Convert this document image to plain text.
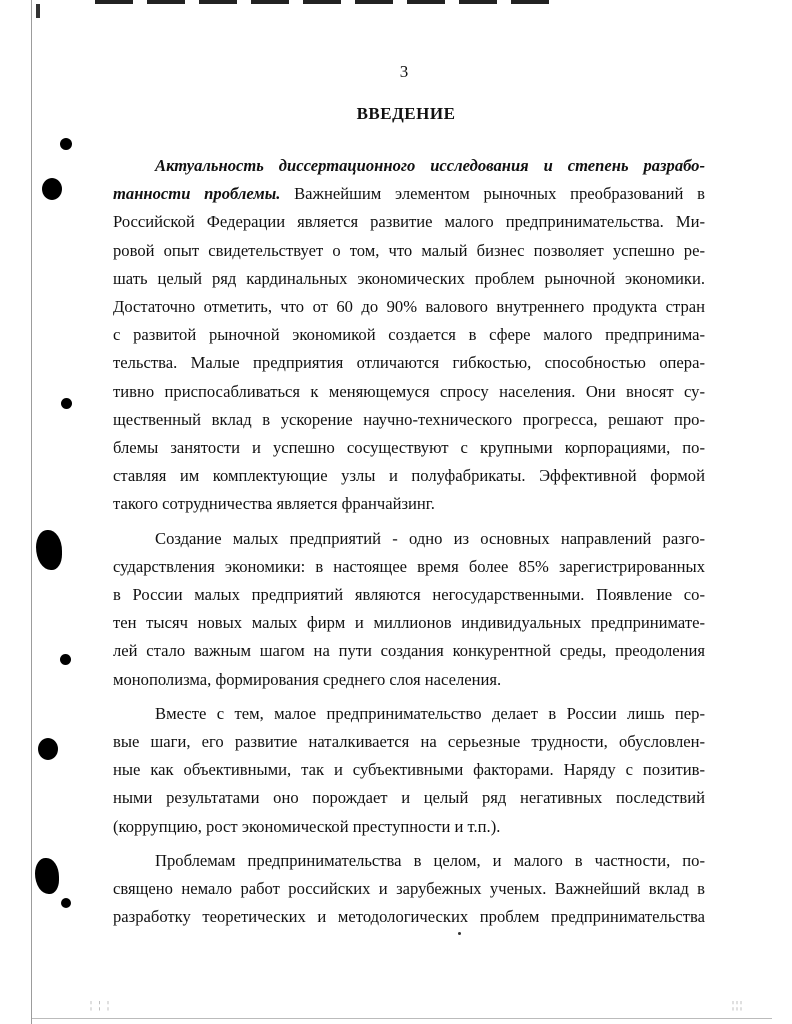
3
ВВЕДЕНИЕ
Актуальность диссертационного исследования и степень разрабо-
танности проблемы. Важнейшим элементом рыночных преобразований в
Российской Федерации является развитие малого предпринимательства. Ми-
ровой опыт свидетельствует о том, что малый бизнес позволяет успешно ре-
шать целый ряд кардинальных экономических проблем рыночной экономики.
Достаточно отметить, что от 60 до 90% валового внутреннего продукта стран
с развитой рыночной экономикой создается в сфере малого предпринима-
тельства. Малые предприятия отличаются гибкостью, способностью опера-
тивно приспосабливаться к меняющемуся спросу населения. Они вносят су-
щественный вклад в ускорение научно-технического прогресса, решают про-
блемы занятости и успешно сосуществуют с крупными корпорациями, по-
ставляя им комплектующие узлы и полуфабрикаты. Эффективной формой
такого сотрудничества является франчайзинг.
Создание малых предприятий - одно из основных направлений разго-
сударствления экономики: в настоящее время более 85% зарегистрированных
в России малых предприятий являются негосударственными. Появление со-
тен тысяч новых малых фирм и миллионов индивидуальных предпринимате-
лей стало важным шагом на пути создания конкурентной среды, преодоления
монополизма, формирования среднего слоя населения.
Вместе с тем, малое предпринимательство делает в России лишь пер-
вые шаги, его развитие наталкивается на серьезные трудности, обусловлен-
ные как объективными, так и субъективными факторами. Наряду с позитив-
ными результатами оно порождает и целый ряд негативных последствий
(коррупцию, рост экономической преступности и т.п.).
Проблемам предпринимательства в целом, и малого в частности, по-
священо немало работ российских и зарубежных ученых. Важнейший вклад в
разработку теоретических и методологических проблем предпринимательства
¦ ¦ ¦	¦¦¦
